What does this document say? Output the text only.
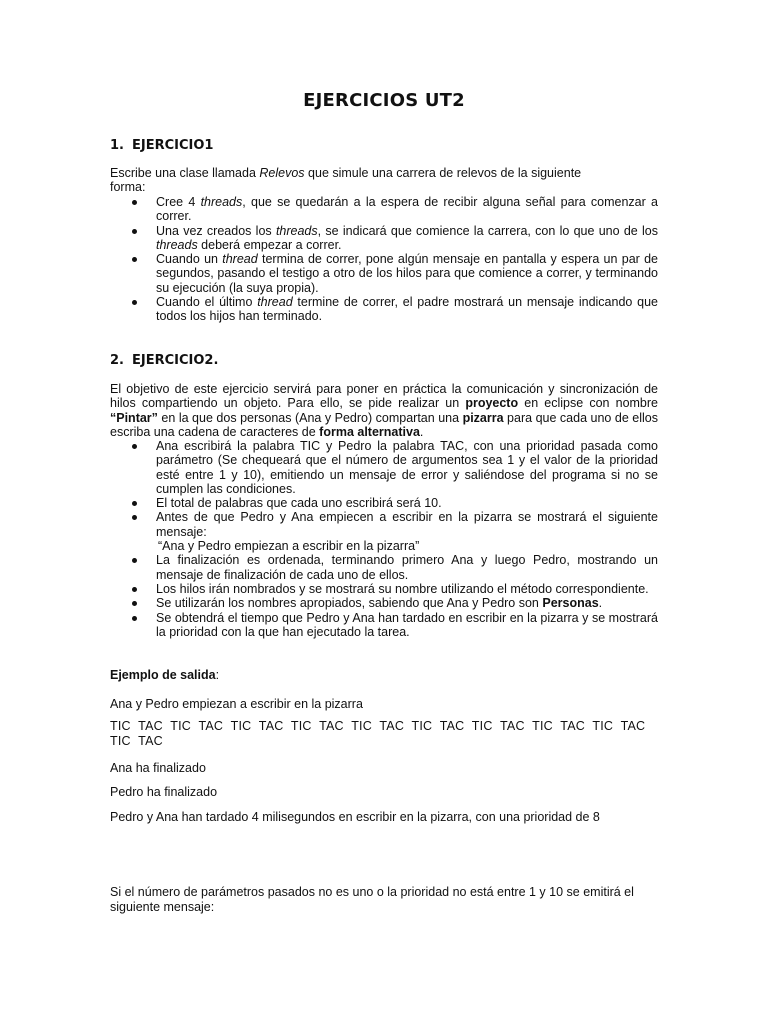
EJERCICIOS UT2
1. EJERCICIO1
Escribe una clase llamada Relevos que simule una carrera de relevos de la siguiente
forma:
Cree 4 threads, que se quedarán a la espera de recibir alguna señal para comenzar a correr.
Una vez creados los threads, se indicará que comience la carrera, con lo que uno de los threads deberá empezar a correr.
Cuando un thread termina de correr, pone algún mensaje en pantalla y espera un par de segundos, pasando el testigo a otro de los hilos para que comience a correr, y terminando su ejecución (la suya propia).
Cuando el último thread termine de correr, el padre mostrará un mensaje indicando que todos los hijos han terminado.
2. EJERCICIO2.
El objetivo de este ejercicio servirá para poner en práctica la comunicación y sincronización de hilos compartiendo un objeto. Para ello, se pide realizar un proyecto en eclipse con nombre “Pintar” en la que dos personas (Ana y Pedro) compartan una pizarra para que cada uno de ellos escriba una cadena de caracteres de forma alternativa.
Ana escribirá la palabra TIC y Pedro la palabra TAC, con una prioridad pasada como parámetro (Se chequeará que el número de argumentos sea 1 y el valor de la prioridad esté entre 1 y 10), emitiendo un mensaje de error y saliéndose del programa si no se cumplen las condiciones.
El total de palabras que cada uno escribirá será 10.
Antes de que Pedro y Ana empiecen a escribir en la pizarra se mostrará el siguiente mensaje:
“Ana y Pedro empiezan a escribir en la pizarra”
La finalización es ordenada, terminando primero Ana y luego Pedro, mostrando un mensaje de finalización de cada uno de ellos.
Los hilos irán nombrados y se mostrará su nombre utilizando el método correspondiente.
Se utilizarán los nombres apropiados, sabiendo que Ana y Pedro son Personas.
Se obtendrá el tiempo que Pedro y Ana han tardado en escribir en la pizarra y se mostrará la prioridad con la que han ejecutado la tarea.
Ejemplo de salida:
Ana y Pedro empiezan a escribir en la pizarra
TIC TAC TIC TAC TIC TAC TIC TAC TIC TAC TIC TAC TIC TAC TIC TAC TIC TAC
TIC TAC
Ana ha finalizado
Pedro ha finalizado
Pedro y Ana han tardado 4 milisegundos en escribir en la pizarra, con una prioridad de 8
Si el número de parámetros pasados no es uno o la prioridad no está entre 1 y 10 se emitirá el siguiente mensaje:
